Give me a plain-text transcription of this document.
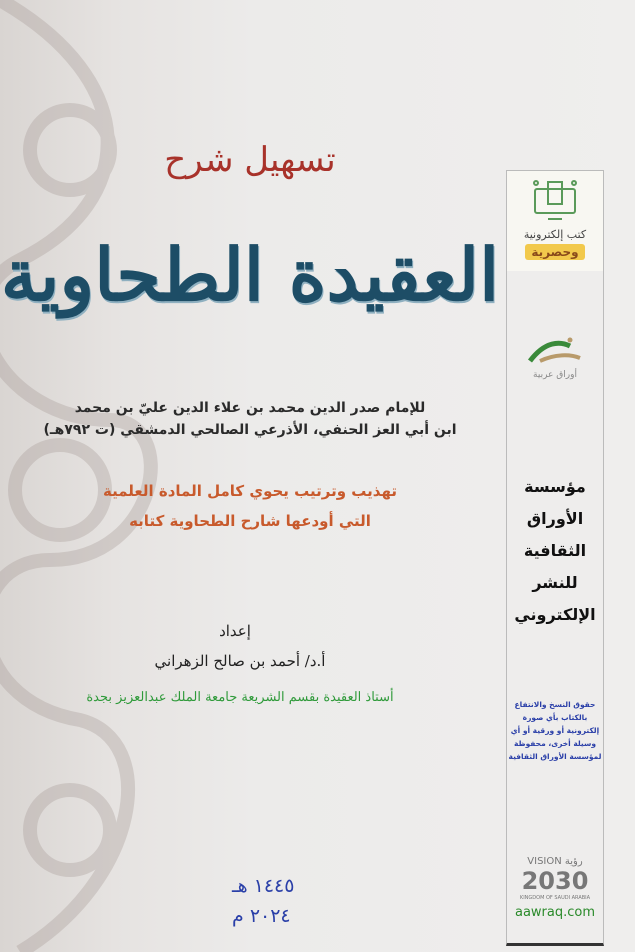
تسهيل شرح
العقيدة الطحاوية
للإمام صدر الدين محمد بن علاء الدين عليّ بن محمد
ابن أبي العز الحنفي، الأذرعي الصالحي الدمشقي (ت ٧٩٢هـ)
تهذيب وترتيب يحوي كامل المادة العلمية
التي أودعها شارح الطحاوية كتابه
إعداد
أ.د/ أحمد بن صالح الزهراني
أستاذ العقيدة بقسم الشريعة جامعة الملك عبدالعزيز بجدة
١٤٤٥ هـ
٢٠٢٤ م
كتب إلكترونية
وحصرية
أوراق عربية
مؤسسة
الأوراق
الثقافية
للنشر
الإلكتروني
حقوق النسخ والانتفاع بالكتاب بأي صورة إلكترونية أو ورقية أو أي وسيلة أخرى، محفوظة لمؤسسة الأوراق الثقافية
VISION رؤية
2030
KINGDOM OF SAUDI ARABIA
aawraq.com
